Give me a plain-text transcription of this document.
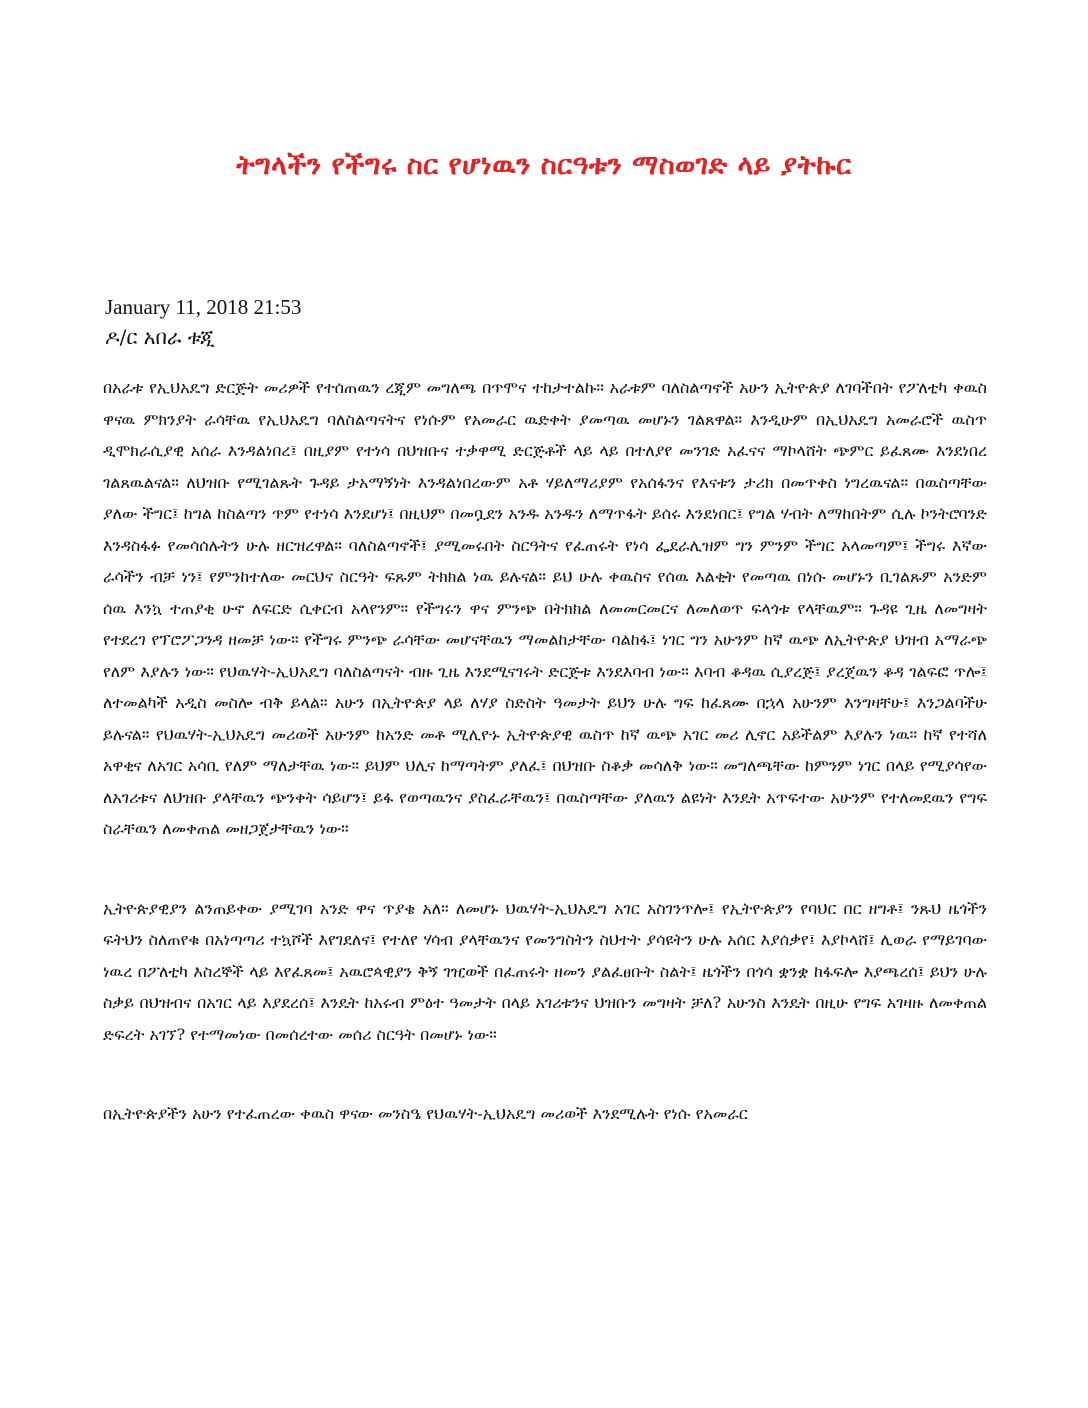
ትግላችን የችግሩ ስር የሆነዉን ስርዓቱን ማስወገድ ላይ ያትኩር
January 11, 2018 21:53
ዶ/ር አበራ ቱጂ

በአራቱ የኢህአዴግ ድርጅት መሪዎች የተሰጠዉን ረጂም መግለጫ በጥሞና ተከታተልኩ። አራቱም ባለስልጣኖች አሁን ኢትዮጵያ ለገባችበት የፖለቲካ ቀዉስ ዋናዉ ምክንያት ራሳቸዉ የኢህአዴግ ባለስልጣናትና የነሱም የአመራር ዉድቀት ያመጣዉ መሆኑን ገልጸዋል። እንዲሁም በኢህአዴግ አመራሮች ዉስጥ ዲሞክራሲያዊ አሰራ እንዳልነበረ፤ በዚያም የተነሳ በህዝቡና ተቃዋሚ ድርጅቶች ላይ ላይ በተለያየ መንገድ አፈናና ማኮላሸት ጭምር ይፈጸሙ እንደነበረ ገልጸዉልናል። ለህዝቡ የሚገልጹት ጉዳይ ታአማኝነት እንዳልነበረውም አቶ ሃይለማሪያም የአሰፋንና የእናቱን ታሪክ በመጥቀስ ነግረዉናል። በዉስጣቸው ያለው ችግር፤ ከግል ከስልጣን ጥም የተነሳ እንደሆነ፤ በዚህም በመቧደን አንዱ አንዱን ለማጥፋት ይሰሩ እንደነበር፤ የግል ሃብት ለማከበትም ሲሉ ኮንትሮባንድ እንዳስፋፉ የመሳሰሉትን ሁሉ ዘርዝረዋል። ባለስልጣኖች፤ ያሚመሩበት ስርዓትና የፈጠሩት የነሳ ፌደራሊዝም ግን ምንም ችግር አላመጣም፤ ችግሩ እኛው ራሳችን ብቻ ነን፤ የምንከተለው መርህና ስርዓት ፍጹም ትክክል ነዉ ይሉናል። ይህ ሁሉ ቀዉስና የሰዉ እልቂት የመጣዉ በነሱ መሆኑን ቢገልጹም አንድም ሰዉ እንኳ ተጠያቂ ሁኖ ለፍርድ ሲቀርብ አላየንም። የችግሩን ዋና ምንጭ በትክክል ለመመርመርና ለመለወጥ ፍላጎቱ የላቸዉም። ጉዳዩ ጊዜ ለመግዛት የተደረገ የፕሮፖጋንዳ ዘመቻ ነው። የችግሩ ምንጭ ራሳቸው መሆናቸዉን ማመልከታቸው ባልከፋ፤ ነገር ግን አሁንም ከኛ ዉጭ ለኢትዮጵያ ህዝብ አማራጭ የለም እያሉን ነው። የህዉሃት-ኢህአዴግ ባለስልጣናት ብዙ ጊዜ እንደሚናገሩት ድርጅቱ እንደእባብ ነው። እባብ ቆዳዉ ሲያረጅ፤ ያረጀዉን ቆዳ ገልፍፎ ጥሎ፤ ለተመልካች አዲስ መስሎ ብቅ ይላል። አሁን በኢትዮጵያ ላይ ለሃያ ስድስት ዓመታት ይህን ሁሉ ግፍ ከፈጸሙ በኋላ አሁንም እንግዛቸሁ፤ እንጋልባችሁ ይሉናል። የህዉሃት-ኢህአዴግ መሪወች አሁንም ከአንድ መቶ ሚሊዮኑ ኢትዮጵያዊ ዉስጥ ከኛ ዉጭ አገር መሪ ሊኖር አይችልም እያሉን ነዉ። ከኛ የተሻለ አዋቂና ለአገር አሳቢ የለም ማለታቸዉ ነው። ይህም ህሊና ከማጣትም ያለፈ፤ በህዝቡ ስቆቃ መሳለቅ ነው። መግለጫቸው ከምንም ነገር በላይ የሚያሳየው ለአገሪቱና ለህዝቡ ያላቸዉን ጭንቀት ሳይሆን፤ ይፋ የወጣዉንና ያስፈራቸዉን፤ በዉስጣቸው ያለዉን ልዩነት እንዴት አጥፍተው አሁንም የተለመደዉን የግፍ ስራቸዉን ለመቀጠል መዘጋጀታቸዉን ነው።

ኢትዮጵያዊያን ልንጠይቀው ያሚገባ አንድ ዋና ጥያቄ አለ። ለመሆኑ ህዉሃት-ኢህአዴግ አገር አስገንጥሎ፤ የኢትዮጵያን የባህር በር ዘግቶ፤ ንጹህ ዜጎችን ፍትህን ስለጠየቁ በአነጣጣሪ ተኳሾች እየገደለና፤ የተለየ ሃሳብ ያላቸዉንና የመንግስትን ስህተት ያሳዩትን ሁሉ አሰር እያሰቃየ፤ እያኮላሸ፤ ሊወራ የማይገባው ነዉረ በፖለቲካ እስረኞች ላይ እየፈጸመ፤ አዉሮጳዊያን ቅኝ ገዢወች በፈጠሩት ዘመን ያልፈፀቡት ስልት፤ ዜጎችን በጎሳ ቋንቋ ከፋፍሎ እያጫረሰ፤ ይህን ሁሉ ስቃይ በህዝብና በአገር ላይ እያደረሰ፤ እንዴት ከአሩብ ምዕተ ዓመታት በላይ አገሪቱንና ህዝቡን መግዛት ቻለ? አሁንስ እንዴት በዚሁ የግፍ አገዛዙ ለመቀጠል ድፍረት አገኘ? የተማመነው በመሰረተው መሰሪ ስርዓት በመሆኑ ነው።

በኢትዮጵያችን አሁን የተፈጠረው ቀዉስ ዋናው መንስዔ የህዉሃት-ኢህአዴግ መሪወች እንደሚሉት የነሱ የአመራር
